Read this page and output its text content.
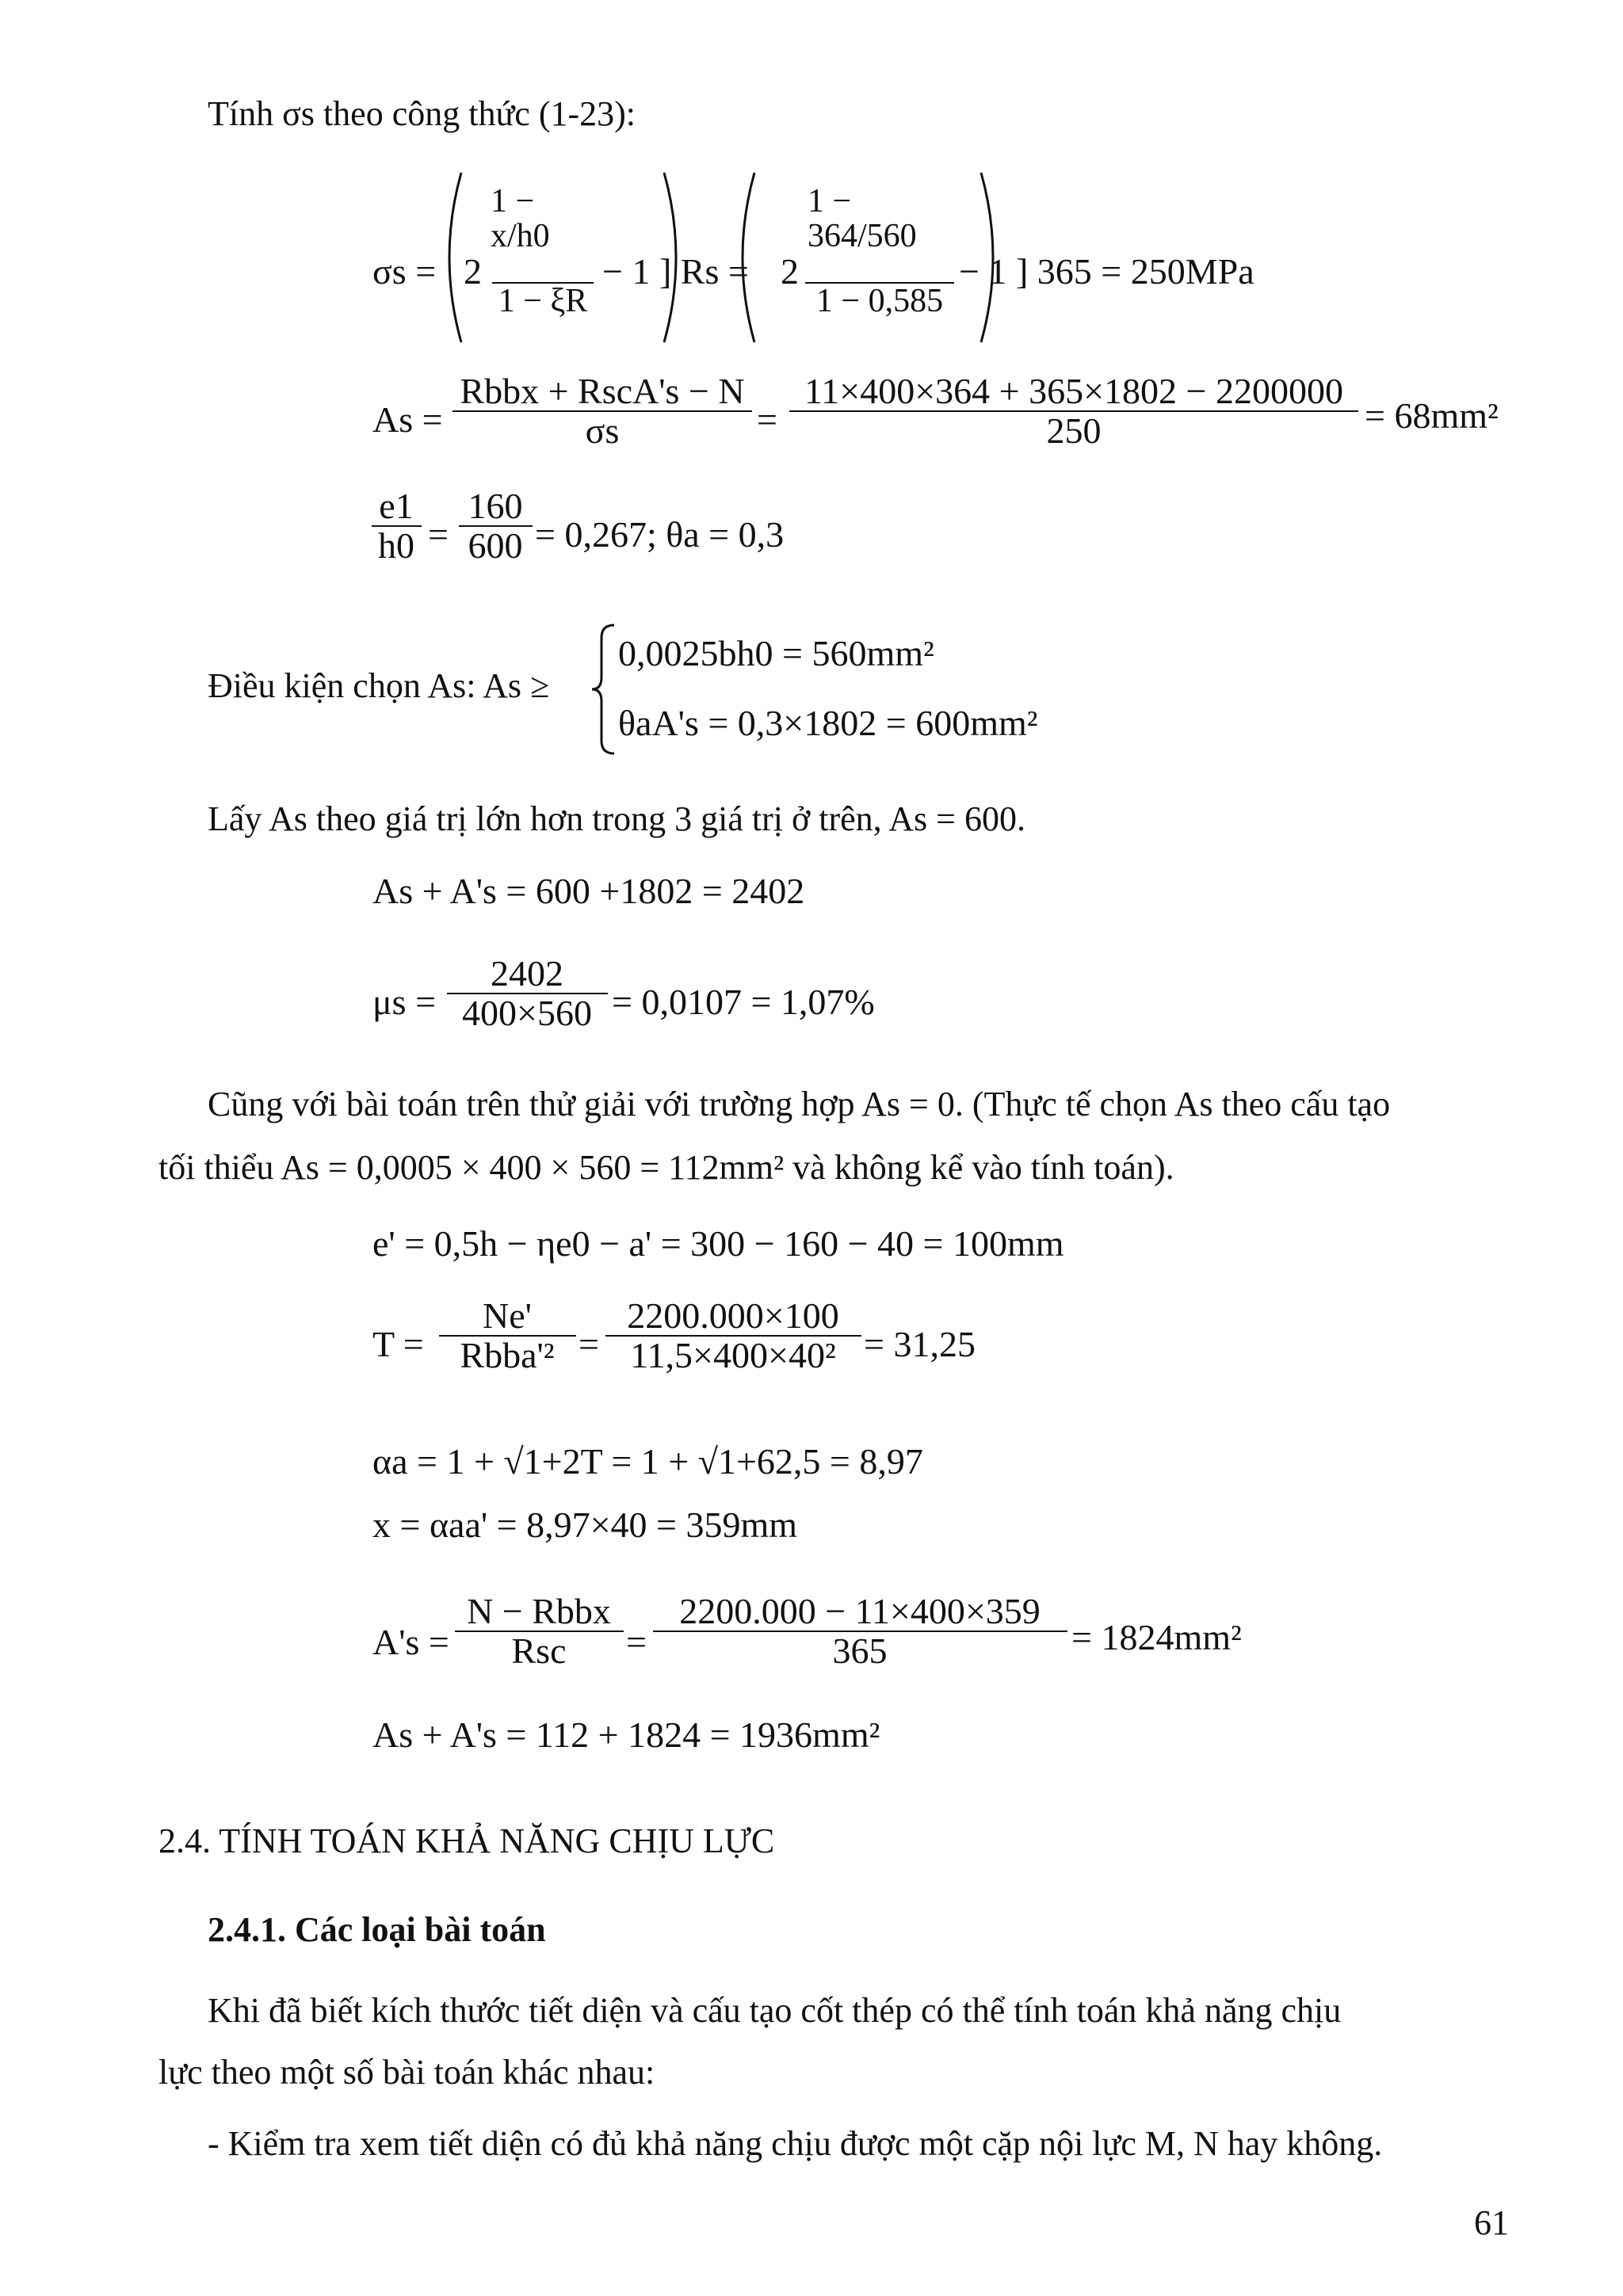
Tính σs theo công thức (1-23):
$\sigma s = 2 \frac{1 - x/h0}{1 - \xi R} - 1$ ] $Rs = 2 \frac{1 - 364/560}{1 - 0,585} - 1$ ] 365 = 250MPa
As =
Rbbx + RscA's − N
σs	= $\frac{11\times 400\times 364 + 365\times 1802 - 2200000}{250} = 68mm^2$
$\frac{e1}{h0} = \frac{160}{600} = 0,267$; θa = 0,3
Điều kiện chọn As: As ≥
0,0025bh0 = 560mm²
θaA's = 0,3×1802 = 600mm²
Lấy As theo giá trị lớn hơn trong 3 giá trị ở trên, As = 600.
As + A's = 600 +1802 = 2402
$\mu s = \frac{2402}{400\times 560} = 0,0107 = 1,07\%$
Cũng với bài toán trên thử giải với trường hợp As = 0. (Thực tế chọn As theo cấu tạo
tối thiểu As = 0,0005 × 400 × 560 = 112mm² và không kể vào tính toán).
e' = 0,5h − ηe0 − a' = 300 − 160 − 40 = 100mm
T =
Ne'
Rbba'² = $\frac{2200.000\times 100}{\text{11,5×400×40²}} = 31,25$
αa = 1 + √1+2T = 1 + √1+62,5 = 8,97
x = αaa' = 8,97×40 = 359mm
A's =
N − Rbbx
Rsc	= $\frac{2200.000 - 11\times 400\times 359}{365} = 1824mm^2$
As + A's = 112 + 1824 = 1936mm²
2.4. TÍNH TOÁN KHẢ NĂNG CHỊU LỰC
2.4.1. Các loại bài toán
Khi đã biết kích thước tiết diện và cấu tạo cốt thép có thể tính toán khả năng chịu
lực theo một số bài toán khác nhau:
- Kiểm tra xem tiết diện có đủ khả năng chịu được một cặp nội lực M, N hay không.
61
